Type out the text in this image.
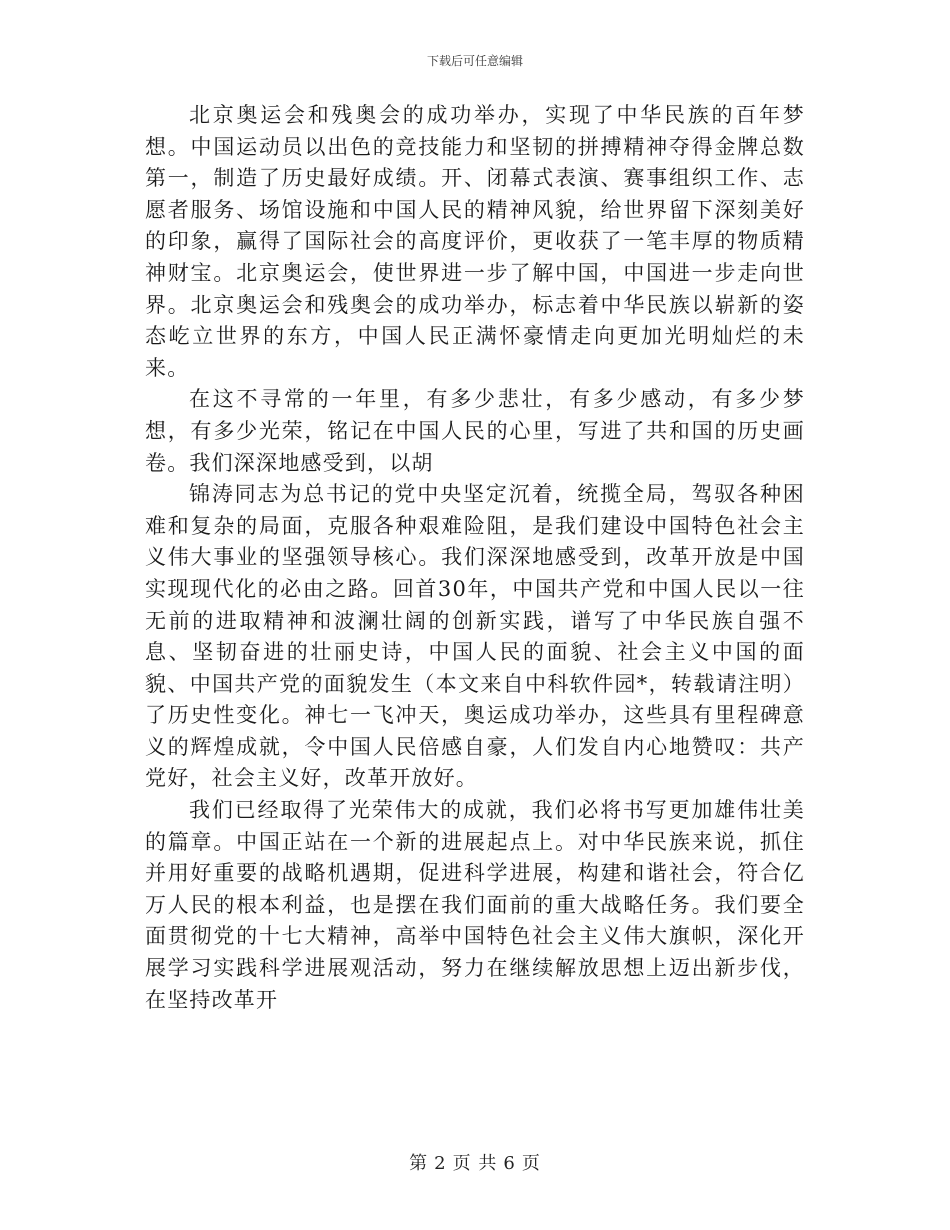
下载后可任意编辑

北京奥运会和残奥会的成功举办，实现了中华民族的百年梦想。中国运动员以出色的竞技能力和坚韧的拼搏精神夺得金牌总数第一，制造了历史最好成绩。开、闭幕式表演、赛事组织工作、志愿者服务、场馆设施和中国人民的精神风貌，给世界留下深刻美好的印象，赢得了国际社会的高度评价，更收获了一笔丰厚的物质精神财宝。北京奥运会，使世界进一步了解中国，中国进一步走向世界。北京奥运会和残奥会的成功举办，标志着中华民族以崭新的姿态屹立世界的东方，中国人民正满怀豪情走向更加光明灿烂的未来。

在这不寻常的一年里，有多少悲壮，有多少感动，有多少梦想，有多少光荣，铭记在中国人民的心里，写进了共和国的历史画卷。我们深深地感受到，以胡

锦涛同志为总书记的党中央坚定沉着，统揽全局，驾驭各种困难和复杂的局面，克服各种艰难险阻，是我们建设中国特色社会主义伟大事业的坚强领导核心。我们深深地感受到，改革开放是中国实现现代化的必由之路。回首30年，中国共产党和中国人民以一往无前的进取精神和波澜壮阔的创新实践，谱写了中华民族自强不息、坚韧奋进的壮丽史诗，中国人民的面貌、社会主义中国的面貌、中国共产党的面貌发生（本文来自中科软件园*，转载请注明）了历史性变化。神七一飞冲天，奥运成功举办，这些具有里程碑意义的辉煌成就，令中国人民倍感自豪，人们发自内心地赞叹：共产党好，社会主义好，改革开放好。

我们已经取得了光荣伟大的成就，我们必将书写更加雄伟壮美的篇章。中国正站在一个新的进展起点上。对中华民族来说，抓住并用好重要的战略机遇期，促进科学进展，构建和谐社会，符合亿万人民的根本利益，也是摆在我们面前的重大战略任务。我们要全面贯彻党的十七大精神，高举中国特色社会主义伟大旗帜，深化开展学习实践科学进展观活动，努力在继续解放思想上迈出新步伐，在坚持改革开

第 2 页 共 6 页
